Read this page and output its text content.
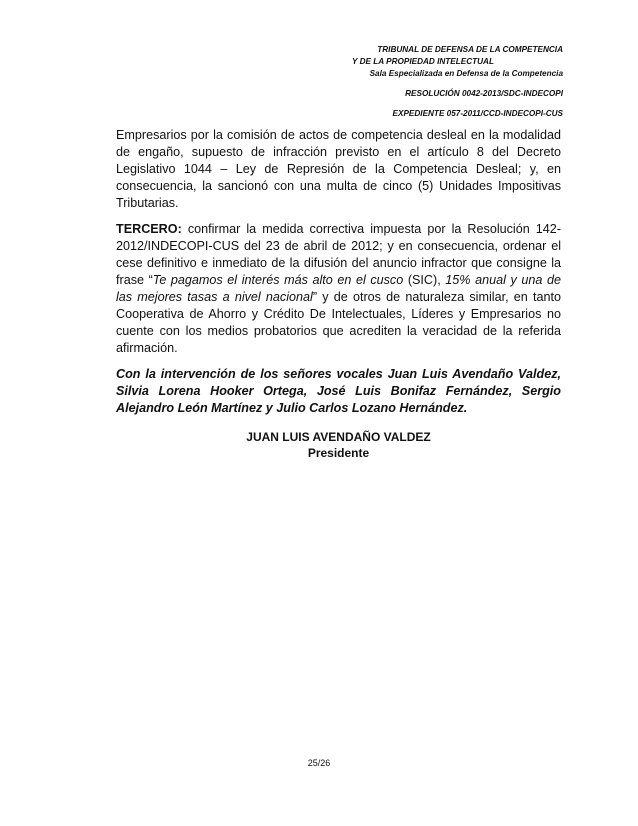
TRIBUNAL DE DEFENSA DE LA COMPETENCIA
Y DE LA PROPIEDAD INTELECTUAL
Sala Especializada en Defensa de la Competencia
RESOLUCIÓN 0042-2013/SDC-INDECOPI
EXPEDIENTE 057-2011/CCD-INDECOPI-CUS

Empresarios por la comisión de actos de competencia desleal en la modalidad de engaño, supuesto de infracción previsto en el artículo 8 del Decreto Legislativo 1044 – Ley de Represión de la Competencia Desleal; y, en consecuencia, la sancionó con una multa de cinco (5) Unidades Impositivas Tributarias.

TERCERO: confirmar la medida correctiva impuesta por la Resolución 142-2012/INDECOPI-CUS del 23 de abril de 2012; y en consecuencia, ordenar el cese definitivo e inmediato de la difusión del anuncio infractor que consigne la frase “Te pagamos el interés más alto en el cusco (SIC), 15% anual y una de las mejores tasas a nivel nacional” y de otros de naturaleza similar, en tanto Cooperativa de Ahorro y Crédito De Intelectuales, Líderes y Empresarios no cuente con los medios probatorios que acrediten la veracidad de la referida afirmación.

Con la intervención de los señores vocales Juan Luis Avendaño Valdez, Silvia Lorena Hooker Ortega, José Luis Bonifaz Fernández, Sergio Alejandro León Martínez y Julio Carlos Lozano Hernández.

JUAN LUIS AVENDAÑO VALDEZ
Presidente
25/26
